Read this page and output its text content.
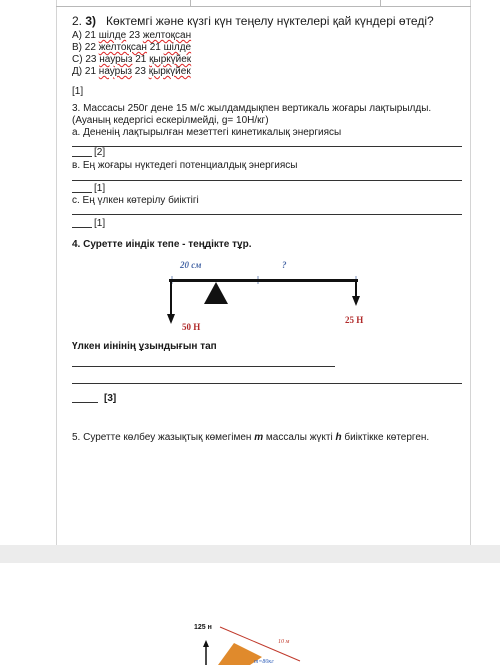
2. 3) Көктемгі және күзгі күн теңелу нүктелері қай күндері өтеді?
А) 21 шілде 23 желтоқсан
В) 22 желтоқсан 21 шілде
С) 23 наурыз 21 қыркүйек
Д) 21 наурыз 23 қыркүйек
[1]
3. Массасы 250г дене 15 м/с жылдамдықпен вертикаль жоғары лақтырылды.
(Ауаның кедергісі ескерілмейді, g= 10Н/кг)
а. Дененің лақтырылған мезеттегі кинетикалық энергиясы
[2]
в. Ең жоғары нүктедегі потенциалдық энергиясы
[1]
с. Ең үлкен көтерілу биіктігі
[1]
4. Суретте иіндік тепе - теңдікте тұр.
20 см	?
50 Н
25 Н
Үлкен иінінің ұзындығын тап
[3]
5. Суретте көлбеу жазықтық көмегімен m массалы жүкті h биіктікке көтерген.
125 н
10 м
m=80кг
